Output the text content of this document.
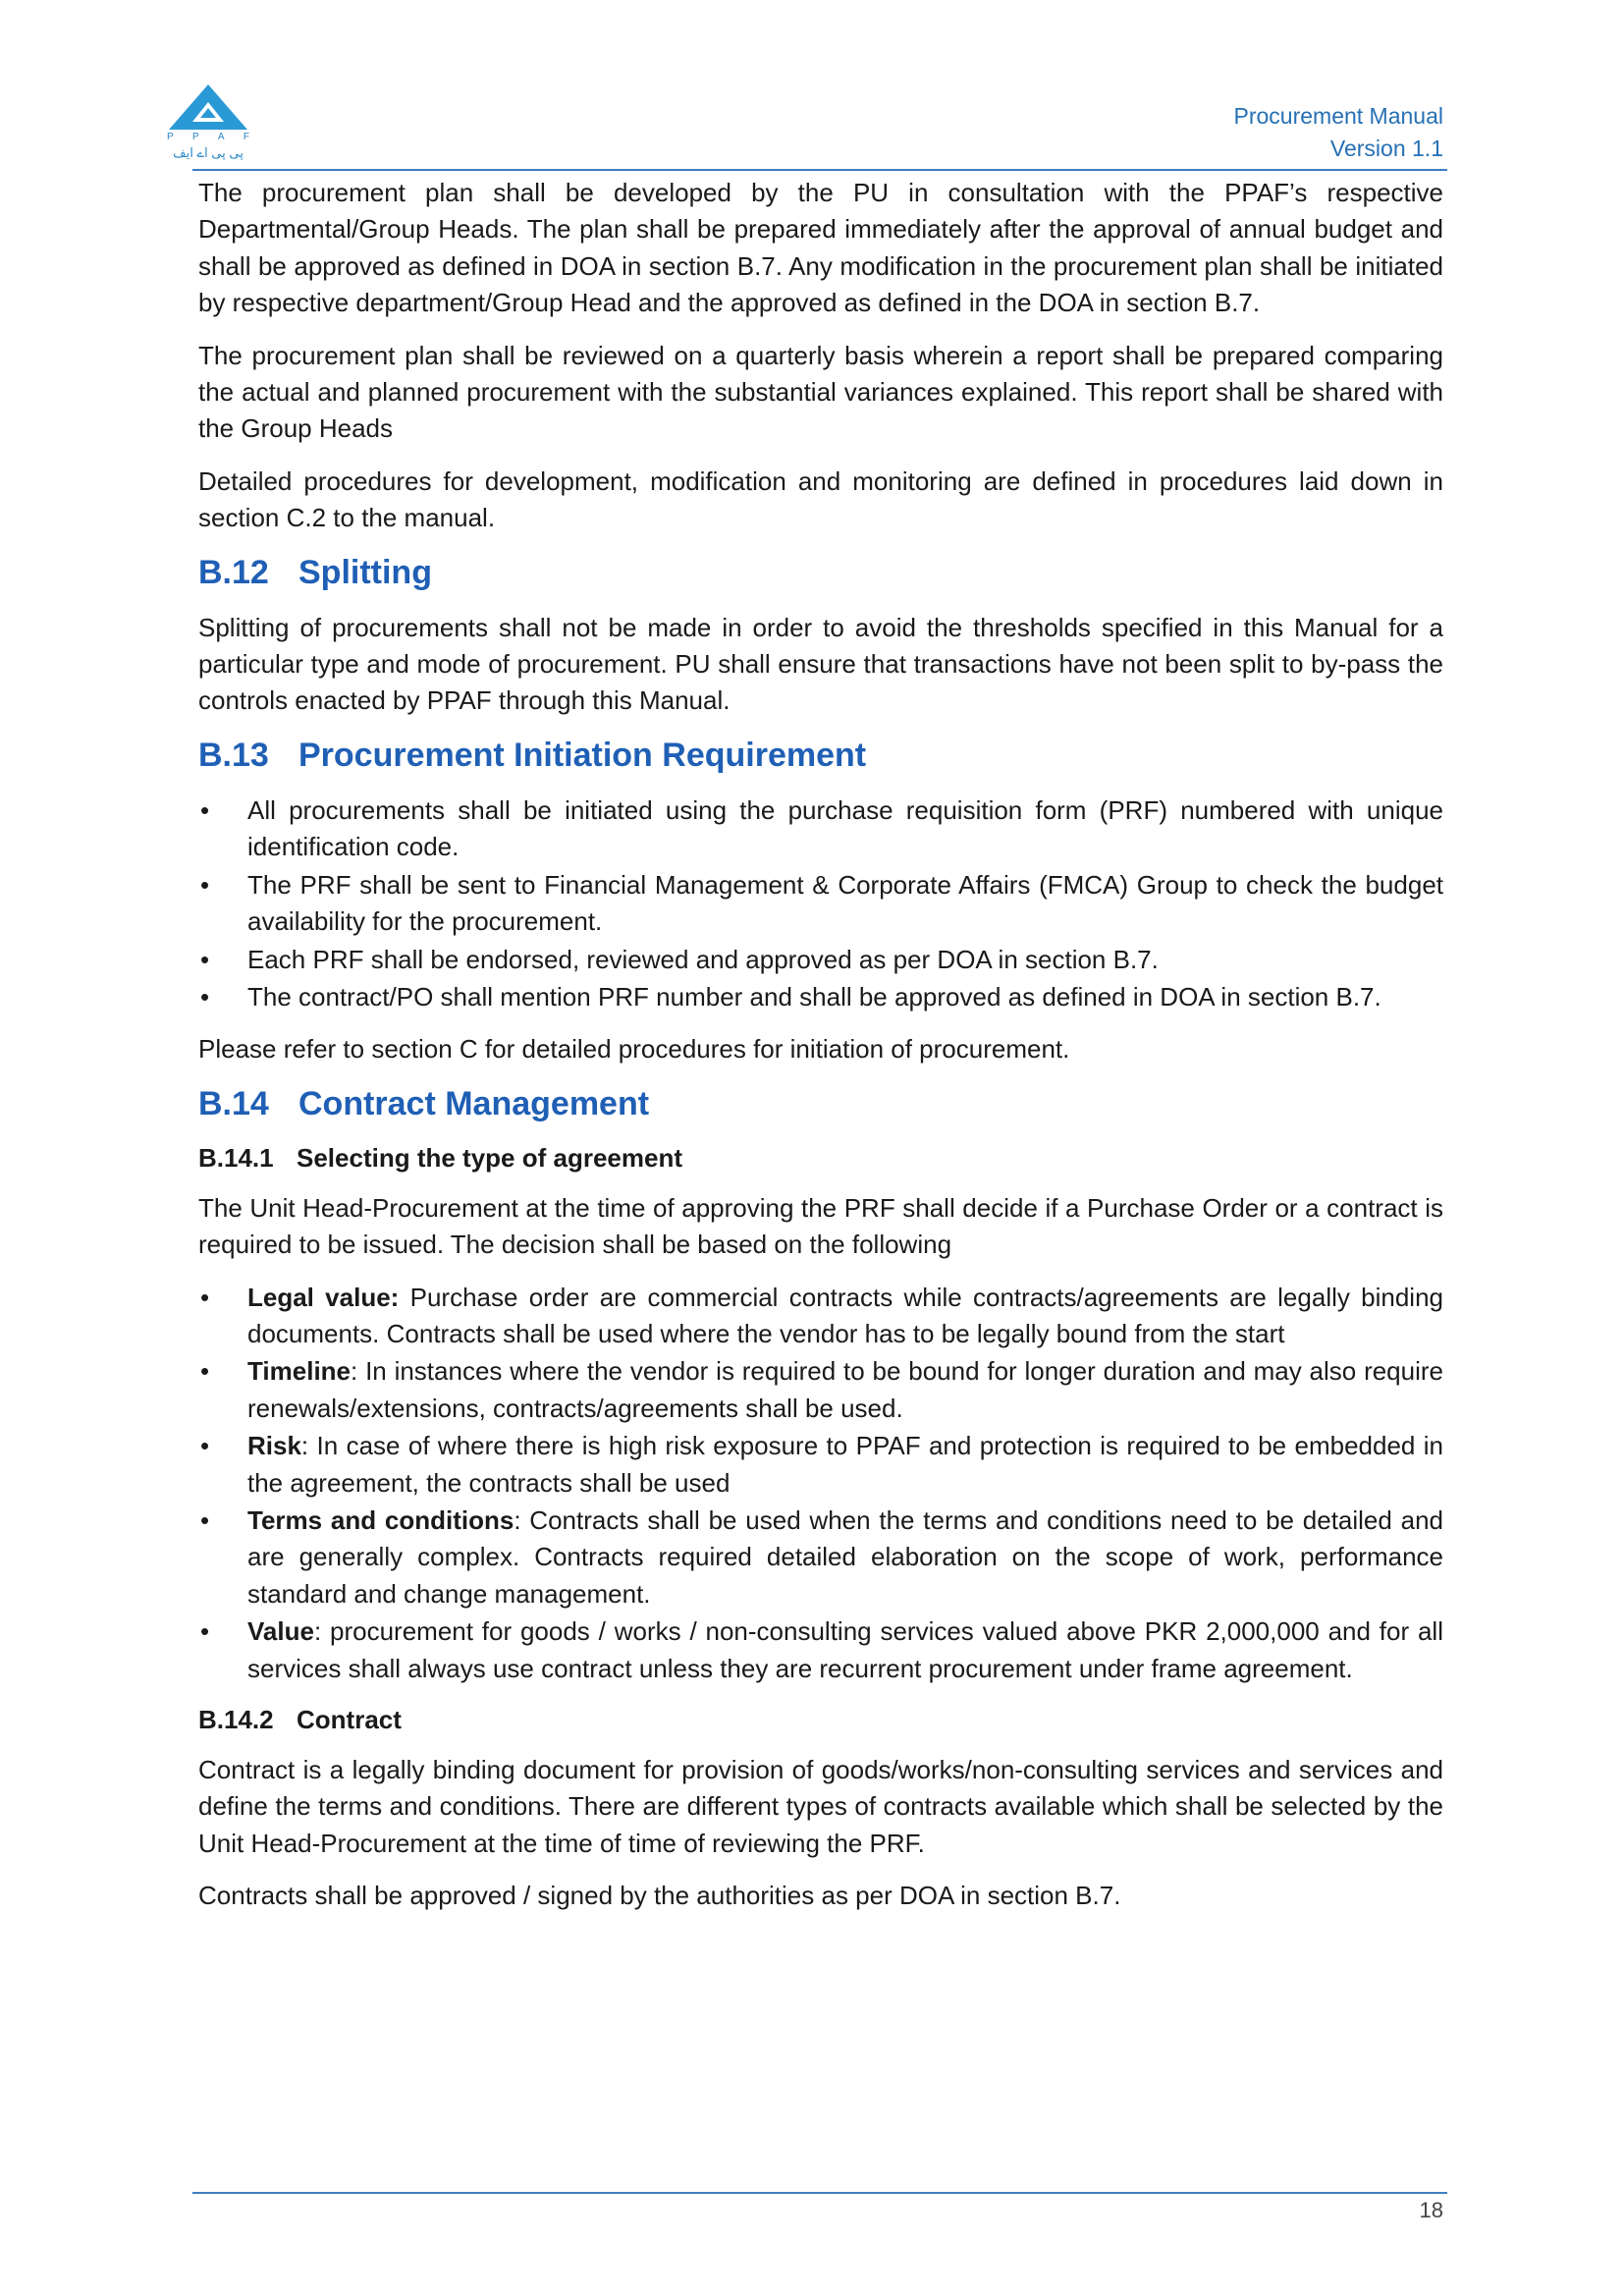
P P A F
پی پی اے ایف
Procurement Manual
Version 1.1

The procurement plan shall be developed by the PU in consultation with the PPAF’s respective Departmental/Group Heads. The plan shall be prepared immediately after the approval of annual budget and shall be approved as defined in DOA in section B.7. Any modification in the procurement plan shall be initiated by respective department/Group Head and the approved as defined in the DOA in section B.7.

The procurement plan shall be reviewed on a quarterly basis wherein a report shall be prepared comparing the actual and planned procurement with the substantial variances explained. This report shall be shared with the Group Heads

Detailed procedures for development, modification and monitoring are defined in procedures laid down in section C.2 to the manual.

B.12 Splitting

Splitting of procurements shall not be made in order to avoid the thresholds specified in this Manual for a particular type and mode of procurement. PU shall ensure that transactions have not been split to by-pass the controls enacted by PPAF through this Manual.

B.13 Procurement Initiation Requirement
• All procurements shall be initiated using the purchase requisition form (PRF) numbered with unique identification code.
• The PRF shall be sent to Financial Management & Corporate Affairs (FMCA) Group to check the budget availability for the procurement.
• Each PRF shall be endorsed, reviewed and approved as per DOA in section B.7.
• The contract/PO shall mention PRF number and shall be approved as defined in DOA in section B.7.

Please refer to section C for detailed procedures for initiation of procurement.

B.14 Contract Management
B.14.1 Selecting the type of agreement

The Unit Head-Procurement at the time of approving the PRF shall decide if a Purchase Order or a contract is required to be issued. The decision shall be based on the following

• Legal value: Purchase order are commercial contracts while contracts/agreements are legally binding documents. Contracts shall be used where the vendor has to be legally bound from the start
• Timeline: In instances where the vendor is required to be bound for longer duration and may also require renewals/extensions, contracts/agreements shall be used.
• Risk: In case of where there is high risk exposure to PPAF and protection is required to be embedded in the agreement, the contracts shall be used
• Terms and conditions: Contracts shall be used when the terms and conditions need to be detailed and are generally complex. Contracts required detailed elaboration on the scope of work, performance standard and change management.
• Value: procurement for goods / works / non-consulting services valued above PKR 2,000,000 and for all services shall always use contract unless they are recurrent procurement under frame agreement.
B.14.2 Contract

Contract is a legally binding document for provision of goods/works/non-consulting services and services and define the terms and conditions. There are different types of contracts available which shall be selected by the Unit Head-Procurement at the time of time of reviewing the PRF.

Contracts shall be approved / signed by the authorities as per DOA in section B.7.

18
